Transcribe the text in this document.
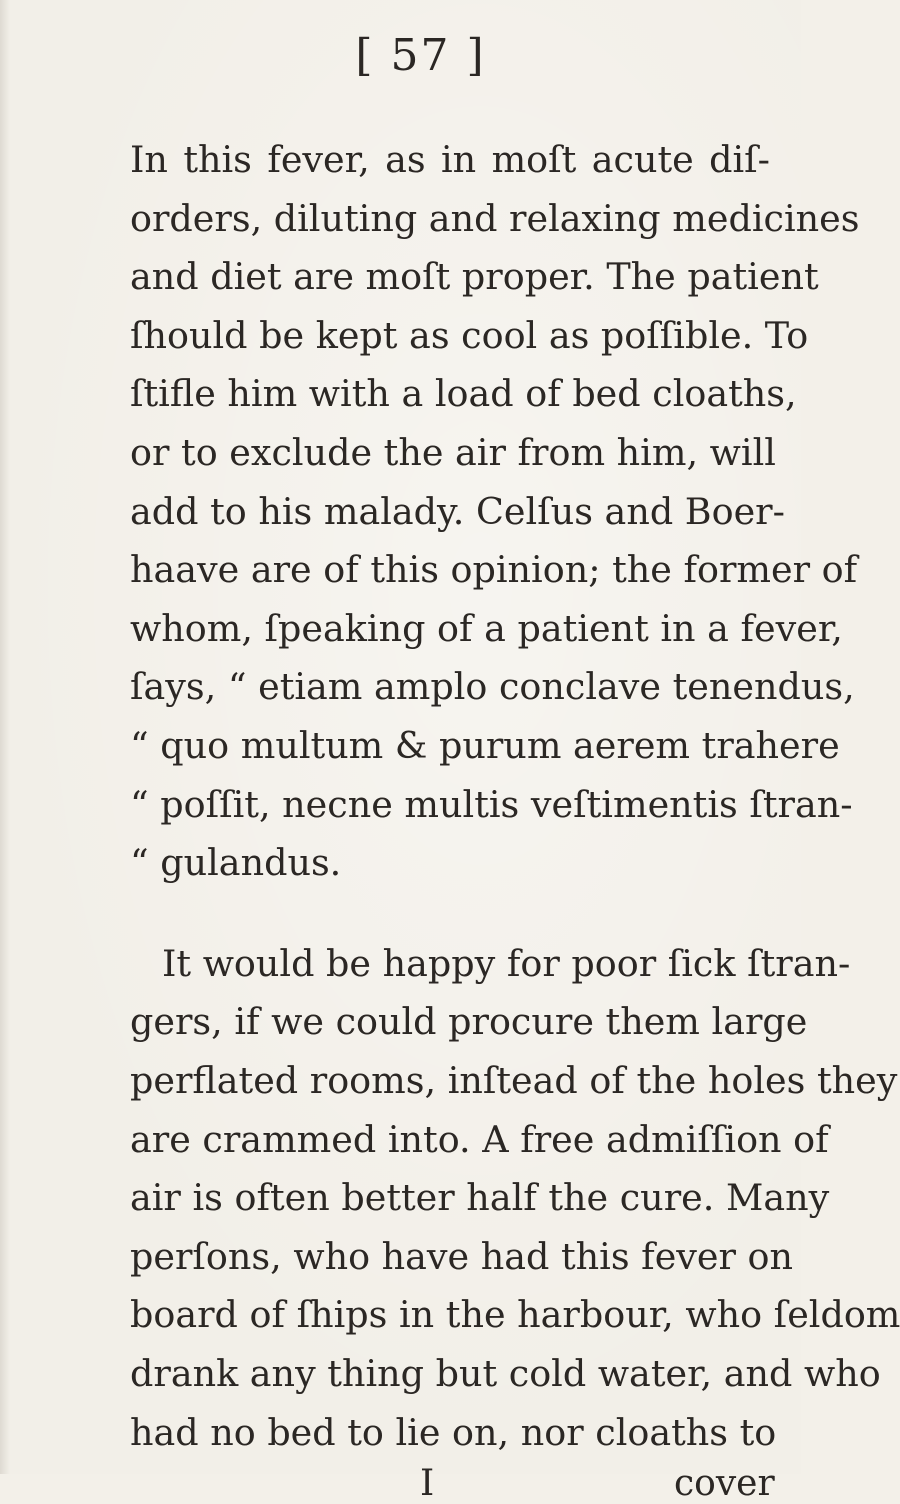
[ 57 ]
In this fever, as in moſt acute diſ-
orders, diluting and relaxing medicines
and diet are moſt proper. The patient
ſhould be kept as cool as poſſible. To
ſtifle him with a load of bed cloaths,
or to exclude the air from him, will
add to his malady. Celſus and Boer-
haave are of this opinion; the former of
whom, ſpeaking of a patient in a fever,
ſays, “ etiam amplo conclave tenendus,
“ quo multum & purum aerem trahere
“ poſſit, necne multis veſtimentis ſtran-
“ gulandus.
It would be happy for poor ſick ſtran-
gers, if we could procure them large
perflated rooms, inſtead of the holes they
are crammed into. A free admiſſion of
air is often better half the cure. Many
perſons, who have had this fever on
board of ſhips in the harbour, who ſeldom
drank any thing but cold water, and who
had no bed to lie on, nor cloaths to
I	cover
